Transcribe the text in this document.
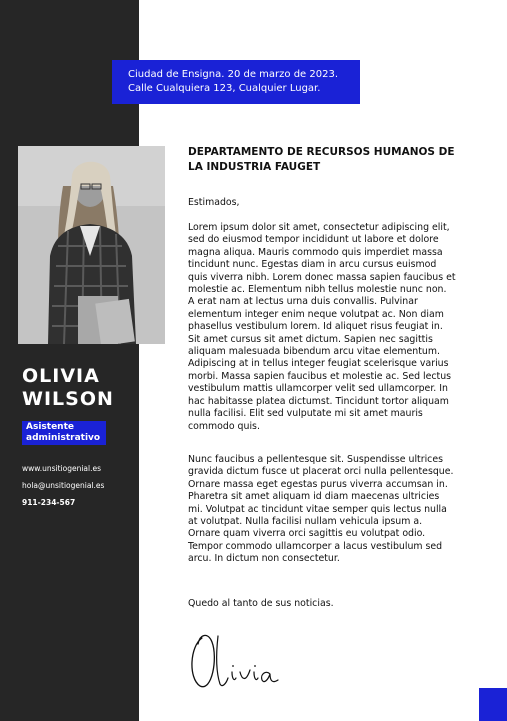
OLIVIA
WILSON
Asistente
administrativo
www.unsitiogenial.es
hola@unsitiogenial.es
911-234-567
Ciudad de Ensigna. 20 de marzo de 2023.
Calle Cualquiera 123, Cualquier Lugar.
DEPARTAMENTO DE RECURSOS HUMANOS DE
LA INDUSTRIA FAUGET
Estimados,
Lorem ipsum dolor sit amet, consectetur adipiscing elit,
sed do eiusmod tempor incididunt ut labore et dolore
magna aliqua. Mauris commodo quis imperdiet massa
tincidunt nunc. Egestas diam in arcu cursus euismod
quis viverra nibh. Lorem donec massa sapien faucibus et
molestie ac. Elementum nibh tellus molestie nunc non.
A erat nam at lectus urna duis convallis. Pulvinar
elementum integer enim neque volutpat ac. Non diam
phasellus vestibulum lorem. Id aliquet risus feugiat in.
Sit amet cursus sit amet dictum. Sapien nec sagittis
aliquam malesuada bibendum arcu vitae elementum.
Adipiscing at in tellus integer feugiat scelerisque varius
morbi. Massa sapien faucibus et molestie ac. Sed lectus
vestibulum mattis ullamcorper velit sed ullamcorper. In
hac habitasse platea dictumst. Tincidunt tortor aliquam
nulla facilisi. Elit sed vulputate mi sit amet mauris
commodo quis.
Nunc faucibus a pellentesque sit. Suspendisse ultrices
gravida dictum fusce ut placerat orci nulla pellentesque.
Ornare massa eget egestas purus viverra accumsan in.
Pharetra sit amet aliquam id diam maecenas ultricies
mi. Volutpat ac tincidunt vitae semper quis lectus nulla
at volutpat. Nulla facilisi nullam vehicula ipsum a.
Ornare quam viverra orci sagittis eu volutpat odio.
Tempor commodo ullamcorper a lacus vestibulum sed
arcu. In dictum non consectetur.
Quedo al tanto de sus noticias.
